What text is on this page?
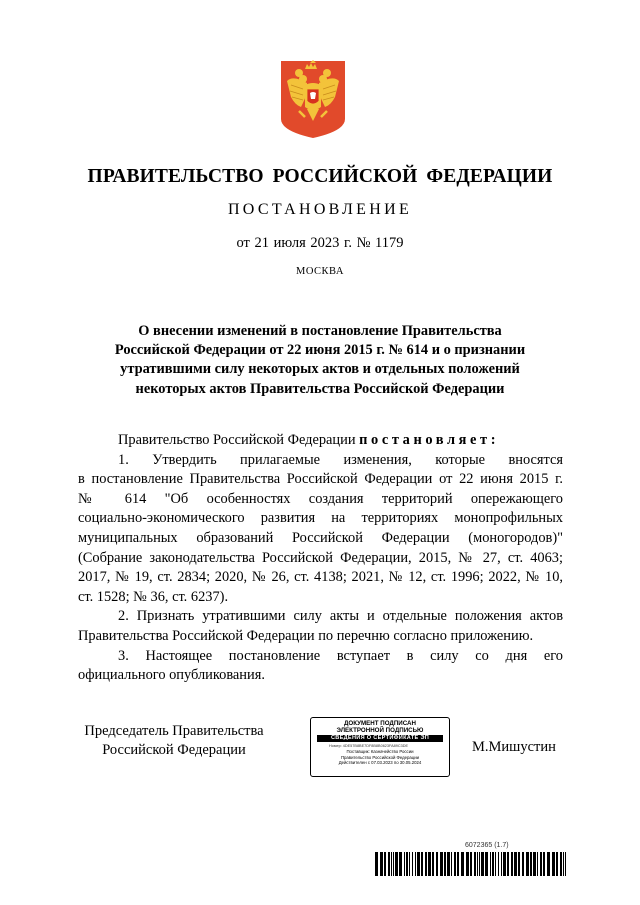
ПРАВИТЕЛЬСТВО РОССИЙСКОЙ ФЕДЕРАЦИИ
ПОСТАНОВЛЕНИЕ
от 21 июля 2023 г. № 1179
МОСКВА
О внесении изменений в постановление Правительства
Российской Федерации от 22 июня 2015 г. № 614 и о признании
утратившими силу некоторых актов и отдельных положений
некоторых актов Правительства Российской Федерации
Правительство Российской Федерации постановляет:
1. Утвердить прилагаемые изменения, которые вносятся
в постановление Правительства Российской Федерации от 22 июня 2015 г.
№ 614 "Об особенностях создания территорий опережающего
социально-экономического развития на территориях монопрофильных
муниципальных образований Российской Федерации (моногородов)"
(Собрание законодательства Российской Федерации, 2015, № 27, ст. 4063;
2017, № 19, ст. 2834; 2020, № 26, ст. 4138; 2021, № 12, ст. 1996; 2022, № 10,
ст. 1528; № 36, ст. 6237).
2. Признать утратившими силу акты и отдельные положения актов
Правительства Российской Федерации по перечню согласно приложению.
3. Настоящее постановление вступает в силу со дня его
официального опубликования.
Председатель Правительства
Российской Федерации
ДОКУМЕНТ ПОДПИСАН
ЭЛЕКТРОННОЙ ПОДПИСЬЮ
СВЕДЕНИЯ О СЕРТИФИКАТЕ ЭП
Номер: 4DE57B8BE7DF8B8B0623FA89C3DE
Поставщик: Казначейство России
Правительство Российской Федерации
Действителен с 07.03.2023 по 30.05.2024
М.Мишустин
6072365 (1.7)
